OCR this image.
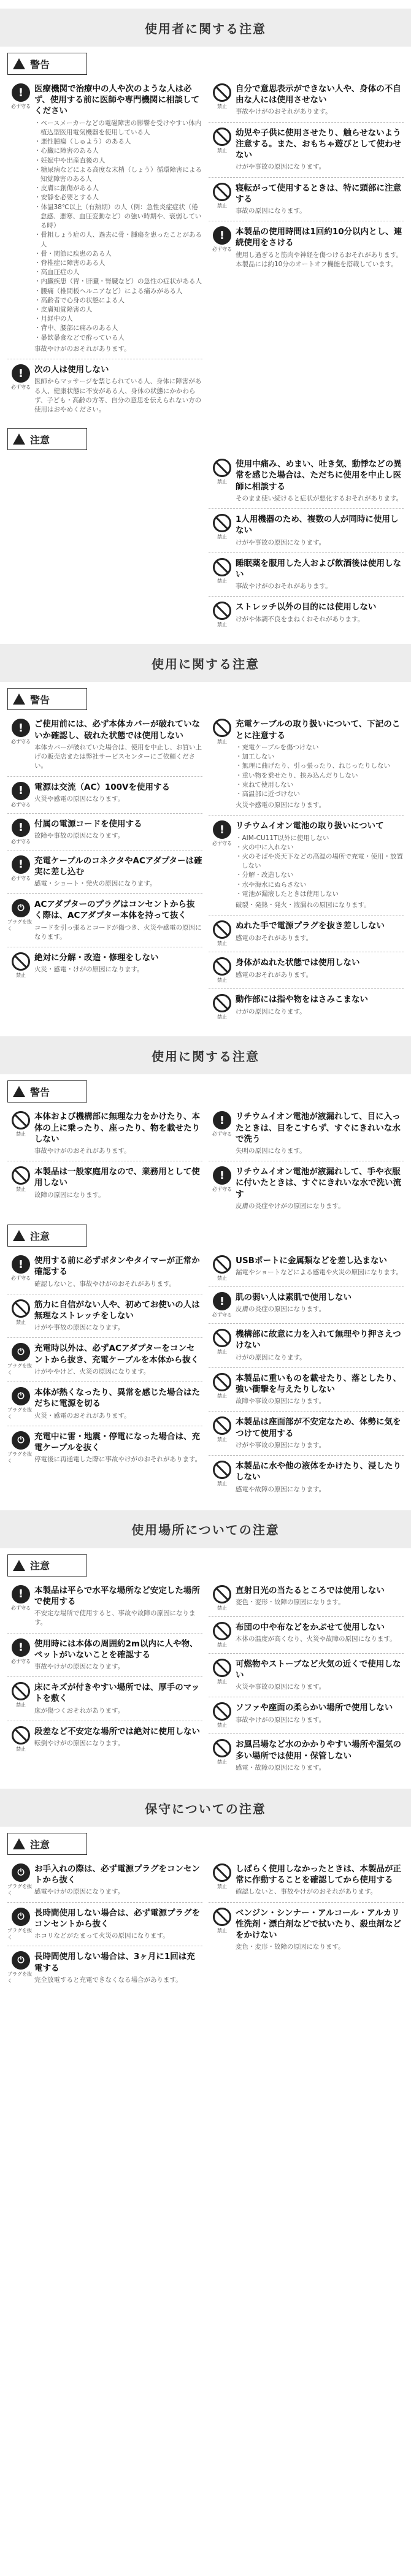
使用者に関する注意
警告
!
必ず守る
医療機関で治療中の人や次のような人は必ず、使用する前に医師や専門機関に相談してください
・ペースメーカーなどの電磁障害の影響を受けやすい体内植込型医用電気機器を使用している人
・悪性腫瘍（しゅよう）のある人
・心臓に障害のある人
・妊娠中や出産直後の人
・糖尿病などによる高度な末梢（しょう）循環障害による知覚障害のある人
・皮膚に創傷がある人
・安静を必要とする人
・体温38℃以上（有熱期）の人（例：急性炎症症状（倦怠感、悪寒、血圧変動など）の強い時期や、衰弱している時）
・骨粗しょう症の人、過去に骨・腫瘍を患ったことがある人
・骨・関節に疾患のある人
・脊椎症に障害のある人
・高血圧症の人
・内臓疾患（胃・肝臓・腎臓など）の急性の症状がある人
・腰痛（椎間板ヘルニアなど）による痛みがある人
・高齢者で心身の状態による人
・皮膚知覚障害の人
・月経中の人
・背中、腰部に痛みのある人
・暴飲暴食などで酔っている人
事故やけがのおそれがあります。
!
必ず守る
次の人は使用しない
医師からマッサージを禁じられている人、身体に障害がある人、健康状態に不安がある人、身体の状態にかかわらず、子ども・高齢の方等、自分の意思を伝えられない方の使用はおやめください。
禁止
自分で意思表示ができない人や、身体の不自由な人には使用させない
事故やけがのおそれがあります。
禁止
幼児や子供に使用させたり、触らせないよう注意する。また、おもちゃ遊びとして使わせない
けがや事故の原因になります。
禁止
寝転がって使用するときは、特に頭部に注意する
事故の原因になります。
!
必ず守る
本製品の使用時間は1回約10分以内とし、連続使用をさける
使用し過ぎると筋肉や神経を傷つけるおそれがあります。本製品には約10分のオートオフ機能を搭載しています。
注意
禁止
使用中痛み、めまい、吐き気、動悸などの異常を感じた場合は、ただちに使用を中止し医師に相談する
そのまま使い続けると症状が悪化するおそれがあります。
禁止
1人用機器のため、複数の人が同時に使用しない
けがや事故の原因になります。
禁止
睡眠薬を服用した人および飲酒後は使用しない
事故やけがのおそれがあります。
禁止
ストレッチ以外の目的には使用しない
けがや体調不良をまねくおそれがあります。
使用に関する注意
警告
!
必ず守る
ご使用前には、必ず本体カバーが破れていないか確認し、破れた状態では使用しない
本体カバーが破れていた場合は、使用を中止し、お買い上げの販売店または弊社サービスセンターにご依頼ください。
!
必ず守る
電源は交流（AC）100Vを使用する
火災や感電の原因になります。
!
必ず守る
付属の電源コードを使用する
故障や事故の原因になります。
!
必ず守る
充電ケーブルのコネクタやACアダプターは確実に差し込む
感電・ショート・発火の原因になります。
⏻
プラグを抜く
ACアダプターのプラグはコンセントから抜く際は、ACアダプター本体を持って抜く
コードを引っ張るとコードが傷つき、火災や感電の原因になります。
禁止
絶対に分解・改造・修理をしない
火災・感電・けがの原因になります。
禁止
充電ケーブルの取り扱いについて、下記のことに注意する
・充電ケーブルを傷つけない
・加工しない
・無理に曲げたり、引っ張ったり、ねじったりしない
・重い物を乗せたり、挟み込んだりしない
・束ねて使用しない
・高温部に近づけない
火災や感電の原因になります。
!
必ず守る
リチウムイオン電池の取り扱いについて
・AIM-CU11T以外に使用しない
・火の中に入れない
・火のそばや炎天下などの高温の場所で充電・使用・放置しない
・分解・改造しない
・水や海水にぬらさない
・電池が漏液したときは使用しない
破裂・発熱・発火・液漏れの原因になります。
禁止
ぬれた手で電源プラグを抜き差ししない
感電のおそれがあります。
禁止
身体がぬれた状態では使用しない
感電のおそれがあります。
禁止
動作部には指や物をはさみこまない
けがの原因になります。
使用に関する注意
警告
禁止
本体および機構部に無理な力をかけたり、本体の上に乗ったり、座ったり、物を載せたりしない
事故やけがのおそれがあります。
禁止
本製品は一般家庭用なので、業務用として使用しない
故障の原因になります。
!
必ず守る
リチウムイオン電池が液漏れして、目に入ったときは、目をこすらず、すぐにきれいな水で洗う
失明の原因になります。
!
必ず守る
リチウムイオン電池が液漏れして、手や衣服に付いたときは、すぐにきれいな水で洗い流す
皮膚の炎症やけがの原因になります。
注意
!
必ず守る
使用する前に必ずボタンやタイマーが正常か確認する
確認しないと、事故やけがのおそれがあります。
禁止
筋力に自信がない人や、初めてお使いの人は無理なストレッチをしない
けがや事故の原因になります。
⏻
プラグを抜く
充電時以外は、必ずACアダプターをコンセントから抜き、充電ケーブルを本体から抜く
けがややけど、火災の原因になります。
⏻
プラグを抜く
本体が熱くなったり、異常を感じた場合はただちに電源を切る
火災・感電のおそれがあります。
⏻
プラグを抜く
充電中に雷・地震・停電になった場合は、充電ケーブルを抜く
停電後に再通電した際に事故やけがのおそれがあります。
禁止
USBポートに金属類などを差し込まない
漏電やショートなどによる感電や火災の原因になります。
!
必ず守る
肌の弱い人は素肌で使用しない
皮膚の炎症の原因になります。
禁止
機構部に故意に力を入れて無理やり押さえつけない
けがの原因になります。
禁止
本製品に重いものを載せたり、落としたり、強い衝撃を与えたりしない
故障や事故の原因になります。
禁止
本製品は座面部が不安定なため、体勢に気をつけて使用する
けがや事故の原因になります。
禁止
本製品に水や他の液体をかけたり、浸したりしない
感電や故障の原因になります。
使用場所についての注意
注意
!
必ず守る
本製品は平らで水平な場所など安定した場所で使用する
不安定な場所で使用すると、事故や故障の原因になります。
!
必ず守る
使用時には本体の周囲約2m以内に人や物、ペットがいないことを確認する
事故やけがの原因になります。
禁止
床にキズが付きやすい場所では、厚手のマットを敷く
床が傷つくおそれがあります。
禁止
段差など不安定な場所では絶対に使用しない
転倒やけがの原因になります。
禁止
直射日光の当たるところでは使用しない
変色・変形・故障の原因になります。
禁止
布団の中や布などをかぶせて使用しない
本体の温度が高くなり、火災や故障の原因になります。
禁止
可燃物やストーブなど火気の近くで使用しない
火災や事故の原因になります。
禁止
ソファや座面の柔らかい場所で使用しない
事故やけがの原因になります。
禁止
お風呂場など水のかかりやすい場所や湿気の多い場所では使用・保管しない
感電・故障の原因になります。
保守についての注意
注意
⏻
プラグを抜く
お手入れの際は、必ず電源プラグをコンセントから抜く
感電やけがの原因になります。
⏻
プラグを抜く
長時間使用しない場合は、必ず電源プラグをコンセントから抜く
ホコリなどがたまって火災の原因になります。
⏻
プラグを抜く
長時間使用しない場合は、3ヶ月に1回は充電する
完全放電すると充電できなくなる場合があります。
禁止
しばらく使用しなかったときは、本製品が正常に作動することを確認してから使用する
確認しないと、事故やけがのおそれがあります。
禁止
ベンジン・シンナー・アルコール・アルカリ性洗剤・漂白剤などで拭いたり、殺虫剤などをかけない
変色・変形・故障の原因になります。
